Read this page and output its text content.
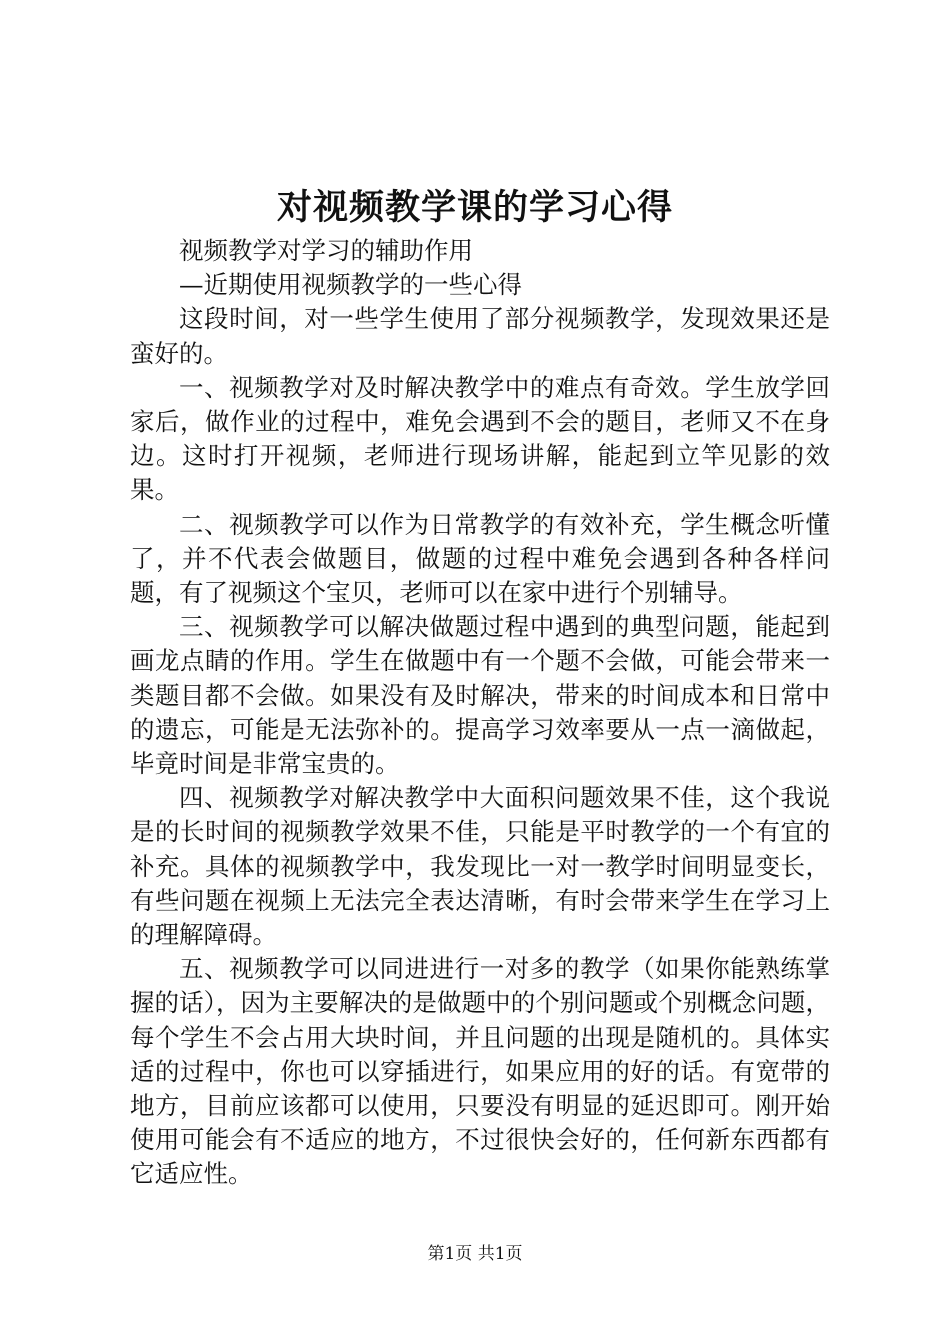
对视频教学课的学习心得

视频教学对学习的辅助作用

—近期使用视频教学的一些心得

这段时间，对一些学生使用了部分视频教学，发现效果还是蛮好的。

一、视频教学对及时解决教学中的难点有奇效。学生放学回家后，做作业的过程中，难免会遇到不会的题目，老师又不在身边。这时打开视频，老师进行现场讲解，能起到立竿见影的效果。

二、视频教学可以作为日常教学的有效补充，学生概念听懂了，并不代表会做题目，做题的过程中难免会遇到各种各样问题，有了视频这个宝贝，老师可以在家中进行个别辅导。

三、视频教学可以解决做题过程中遇到的典型问题，能起到画龙点睛的作用。学生在做题中有一个题不会做，可能会带来一类题目都不会做。如果没有及时解决，带来的时间成本和日常中的遗忘，可能是无法弥补的。提高学习效率要从一点一滴做起，毕竟时间是非常宝贵的。

四、视频教学对解决教学中大面积问题效果不佳，这个我说是的长时间的视频教学效果不佳，只能是平时教学的一个有宜的补充。具体的视频教学中，我发现比一对一教学时间明显变长，有些问题在视频上无法完全表达清晰，有时会带来学生在学习上的理解障碍。

五、视频教学可以同进进行一对多的教学（如果你能熟练掌握的话），因为主要解决的是做题中的个别问题或个别概念问题，每个学生不会占用大块时间，并且问题的出现是随机的。具体实适的过程中，你也可以穿插进行，如果应用的好的话。有宽带的地方，目前应该都可以使用，只要没有明显的延迟即可。刚开始使用可能会有不适应的地方，不过很快会好的，任何新东西都有它适应性。

第1页 共1页
